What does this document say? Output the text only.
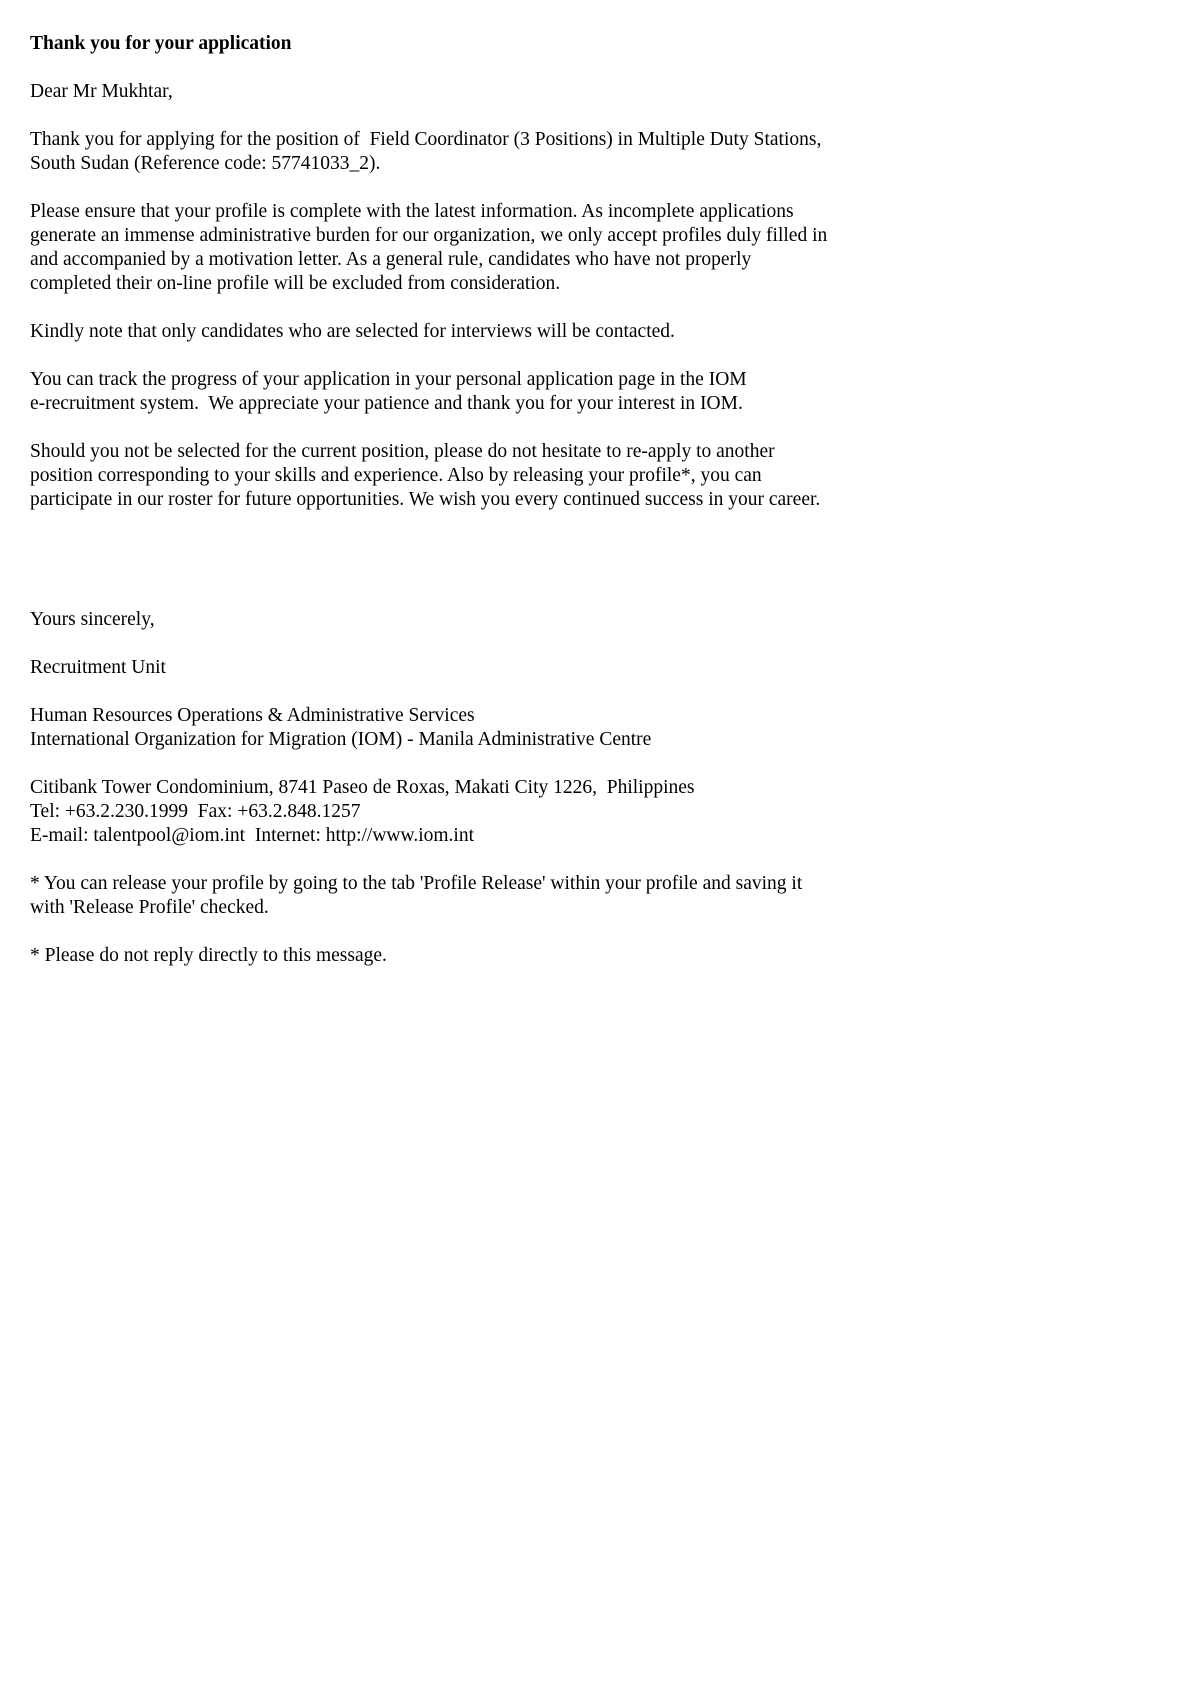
Thank you for your application

Dear Mr Mukhtar,

Thank you for applying for the position of  Field Coordinator (3 Positions) in Multiple Duty Stations,
South Sudan (Reference code: 57741033_2).

Please ensure that your profile is complete with the latest information. As incomplete applications
generate an immense administrative burden for our organization, we only accept profiles duly filled in
and accompanied by a motivation letter. As a general rule, candidates who have not properly
completed their on-line profile will be excluded from consideration.

Kindly note that only candidates who are selected for interviews will be contacted.

You can track the progress of your application in your personal application page in the IOM
e-recruitment system.  We appreciate your patience and thank you for your interest in IOM.

Should you not be selected for the current position, please do not hesitate to re-apply to another
position corresponding to your skills and experience. Also by releasing your profile*, you can
participate in our roster for future opportunities. We wish you every continued success in your career.

Yours sincerely,

Recruitment Unit

Human Resources Operations & Administrative Services
International Organization for Migration (IOM) - Manila Administrative Centre

Citibank Tower Condominium, 8741 Paseo de Roxas, Makati City 1226,  Philippines
Tel: +63.2.230.1999  Fax: +63.2.848.1257
E-mail: talentpool@iom.int  Internet: http://www.iom.int

* You can release your profile by going to the tab 'Profile Release' within your profile and saving it
with 'Release Profile' checked.

* Please do not reply directly to this message.
